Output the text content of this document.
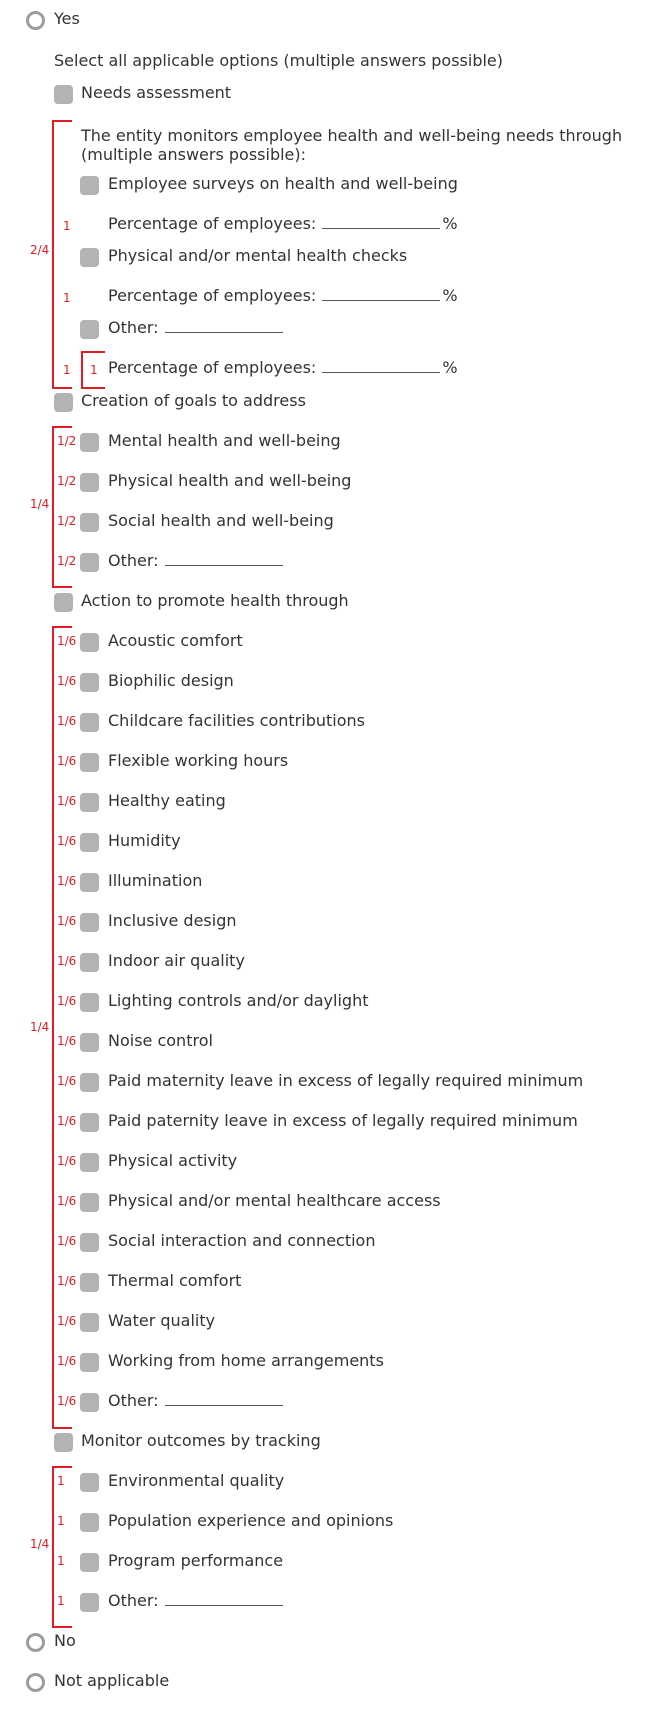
Yes
Select all applicable options (multiple answers possible)
Needs assessment
2/4
The entity monitors employee health and well-being needs through (multiple answers possible):
Employee surveys on health and well-being
1 Percentage of employees:	%
Physical and/or mental health checks
1 Percentage of employees:	%
Other:
1 1 Percentage of employees:	%
Creation of goals to address
1/4
1/2 Mental health and well-being
1/2 Physical health and well-being
1/2 Social health and well-being
1/2 Other:
Action to promote health through
1/4
1/6 Acoustic comfort
1/6 Biophilic design
1/6 Childcare facilities contributions
1/6 Flexible working hours
1/6 Healthy eating
1/6 Humidity
1/6 Illumination
1/6 Inclusive design
1/6 Indoor air quality
1/6 Lighting controls and/or daylight
1/6 Noise control
1/6 Paid maternity leave in excess of legally required minimum
1/6 Paid paternity leave in excess of legally required minimum
1/6 Physical activity
1/6 Physical and/or mental healthcare access
1/6 Social interaction and connection
1/6 Thermal comfort
1/6 Water quality
1/6 Working from home arrangements
1/6 Other:
Monitor outcomes by tracking
1/4
1	Environmental quality
1	Population experience and opinions
1	Program performance
1	Other:
No
Not applicable
